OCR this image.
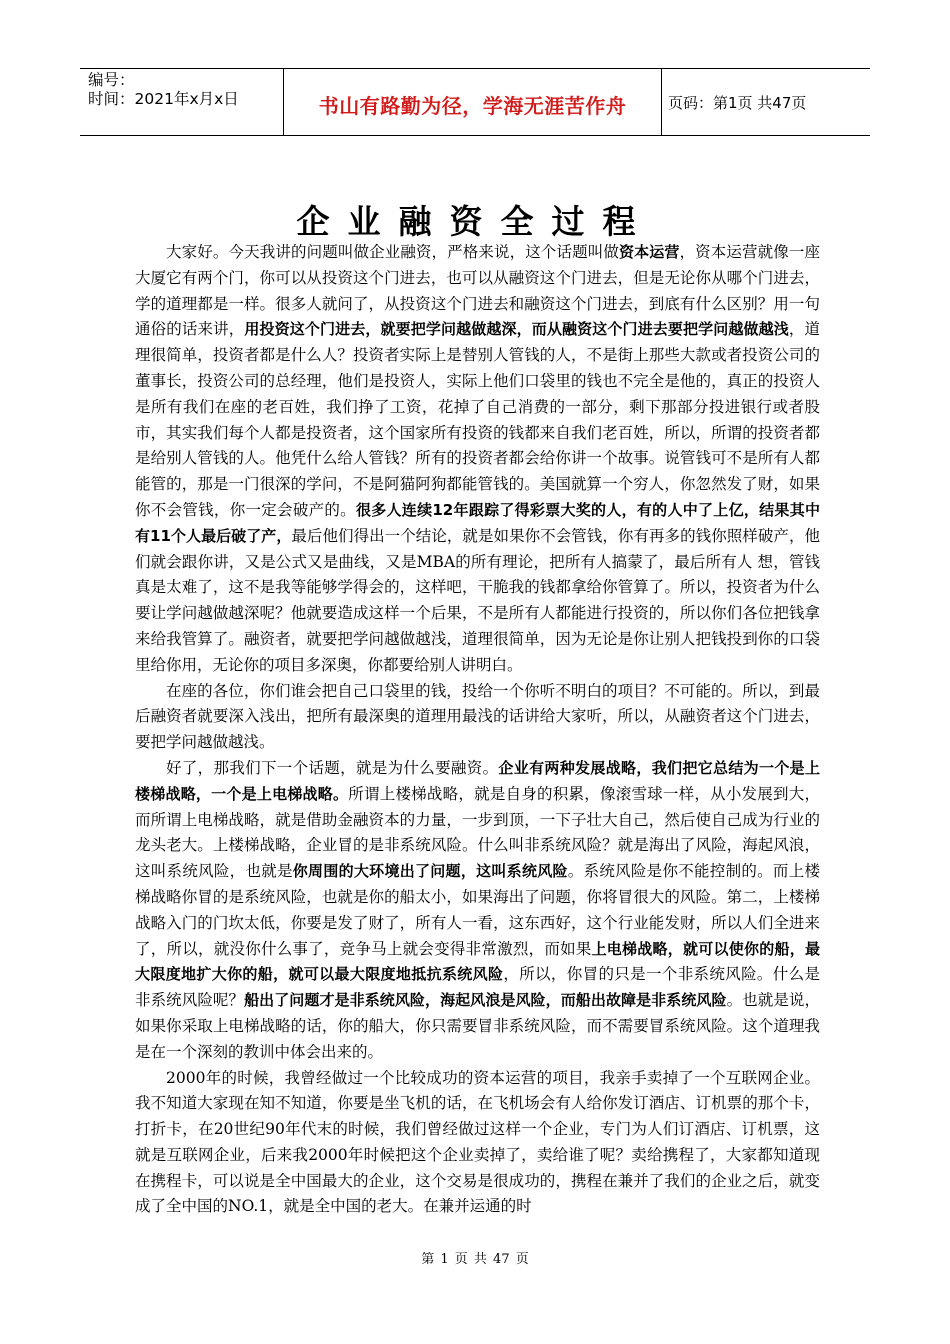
编号：
时间：2021年x月x日	书山有路勤为径，学海无涯苦作舟	页码：第1页 共47页
企业融资全过程

大家好。今天我讲的问题叫做企业融资，严格来说，这个话题叫做资本运营，资本运营就像一座大厦它有两个门，你可以从投资这个门进去，也可以从融资这个门进去，但是无论你从哪个门进去，学的道理都是一样。很多人就问了，从投资这个门进去和融资这个门进去，到底有什么区别？用一句通俗的话来讲，用投资这个门进去，就要把学问越做越深，而从融资这个门进去要把学问越做越浅，道理很简单，投资者都是什么人？投资者实际上是替别人管钱的人，不是街上那些大款或者投资公司的董事长，投资公司的总经理，他们是投资人，实际上他们口袋里的钱也不完全是他的，真正的投资人是所有我们在座的老百姓，我们挣了工资，花掉了自己消费的一部分，剩下那部分投进银行或者股市，其实我们每个人都是投资者，这个国家所有投资的钱都来自我们老百姓，所以，所谓的投资者都是给别人管钱的人。他凭什么给人管钱？所有的投资者都会给你讲一个故事。说管钱可不是所有人都能管的，那是一门很深的学问，不是阿猫阿狗都能管钱的。美国就算一个穷人，你忽然发了财，如果你不会管钱，你一定会破产的。很多人连续12年跟踪了得彩票大奖的人，有的人中了上亿，结果其中有11个人最后破了产，最后他们得出一个结论，就是如果你不会管钱，你有再多的钱你照样破产，他们就会跟你讲，又是公式又是曲线，又是MBA的所有理论，把所有人搞蒙了，最后所有人 想，管钱真是太难了，这不是我等能够学得会的，这样吧，干脆我的钱都拿给你管算了。所以，投资者为什么要让学问越做越深呢？他就要造成这样一个后果，不是所有人都能进行投资的，所以你们各位把钱拿来给我管算了。融资者，就要把学问越做越浅，道理很简单，因为无论是你让别人把钱投到你的口袋里给你用，无论你的项目多深奥，你都要给别人讲明白。

在座的各位，你们谁会把自己口袋里的钱，投给一个你听不明白的项目？不可能的。所以，到最后融资者就要深入浅出，把所有最深奥的道理用最浅的话讲给大家听，所以，从融资者这个门进去，要把学问越做越浅。

好了，那我们下一个话题，就是为什么要融资。企业有两种发展战略，我们把它总结为一个是上楼梯战略，一个是上电梯战略。所谓上楼梯战略，就是自身的积累，像滚雪球一样，从小发展到大，而所谓上电梯战略，就是借助金融资本的力量，一步到顶，一下子壮大自己，然后使自己成为行业的龙头老大。上楼梯战略，企业冒的是非系统风险。什么叫非系统风险？就是海出了风险，海起风浪，这叫系统风险，也就是你周围的大环境出了问题，这叫系统风险。系统风险是你不能控制的。而上楼梯战略你冒的是系统风险，也就是你的船太小，如果海出了问题，你将冒很大的风险。第二，上楼梯战略入门的门坎太低，你要是发了财了，所有人一看，这东西好，这个行业能发财，所以人们全进来了，所以，就没你什么事了，竞争马上就会变得非常激烈，而如果上电梯战略，就可以使你的船，最大限度地扩大你的船，就可以最大限度地抵抗系统风险，所以，你冒的只是一个非系统风险。什么是非系统风险呢？船出了问题才是非系统风险，海起风浪是风险，而船出故障是非系统风险。也就是说，如果你采取上电梯战略的话，你的船大，你只需要冒非系统风险，而不需要冒系统风险。这个道理我是在一个深刻的教训中体会出来的。

2000年的时候，我曾经做过一个比较成功的资本运营的项目，我亲手卖掉了一个互联网企业。我不知道大家现在知不知道，你要是坐飞机的话，在飞机场会有人给你发订酒店、订机票的那个卡，打折卡，在20世纪90年代末的时候，我们曾经做过这样一个企业，专门为人们订酒店、订机票，这就是互联网企业，后来我2000年时候把这个企业卖掉了，卖给谁了呢？卖给携程了，大家都知道现在携程卡，可以说是全中国最大的企业，这个交易是很成功的，携程在兼并了我们的企业之后，就变成了全中国的NO.1，就是全中国的老大。在兼并运通的时

第 1 页 共 47 页
